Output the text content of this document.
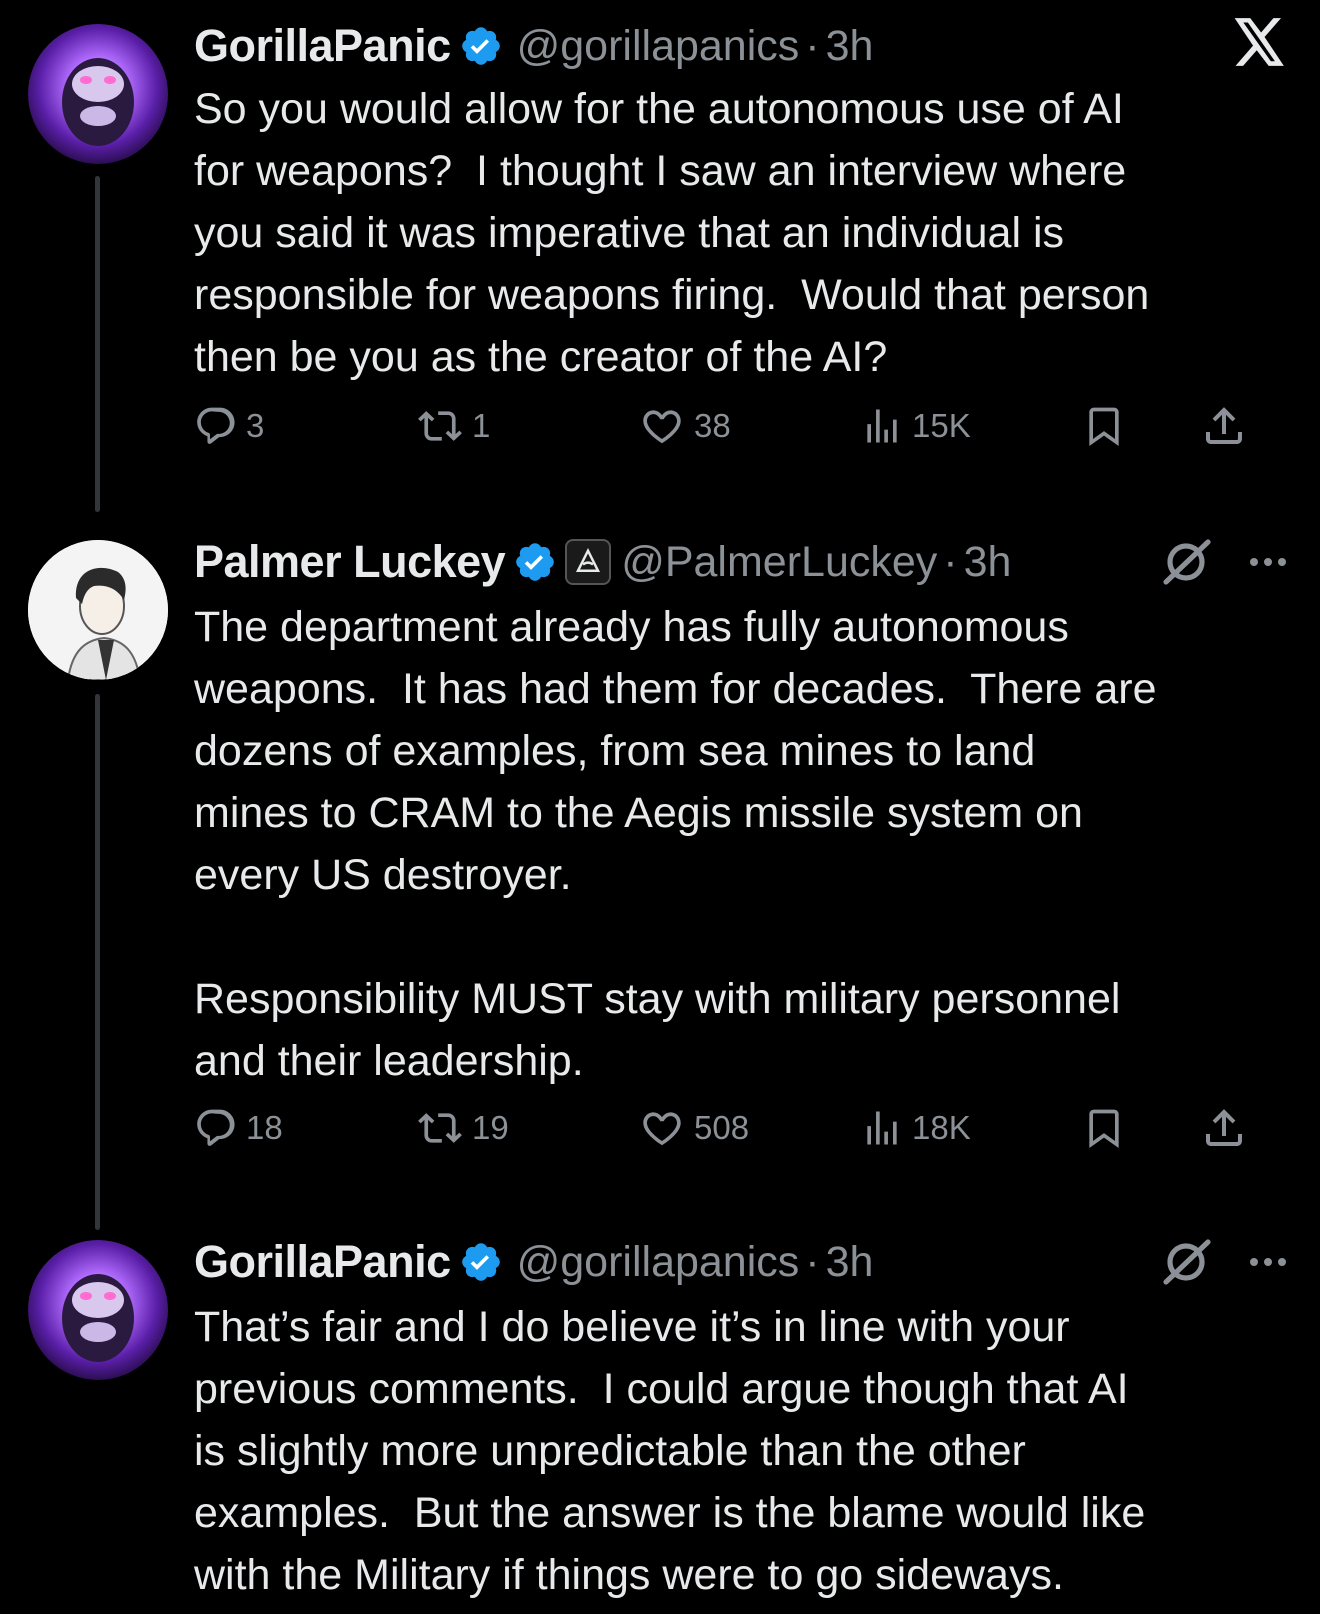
GorillaPanic @gorillapanics · 3h
So you would allow for the autonomous use of AI
for weapons?  I thought I saw an interview where
you said it was imperative that an individual is
responsible for weapons firing.  Would that person
then be you as the creator of the AI?
3	1	38	15K
Palmer Luckey	@PalmerLuckey · 3h
The department already has fully autonomous
weapons.  It has had them for decades.  There are
dozens of examples, from sea mines to land
mines to CRAM to the Aegis missile system on
every US destroyer.

Responsibility MUST stay with military personnel
and their leadership.
18	19	508	18K
GorillaPanic @gorillapanics · 3h
That’s fair and I do believe it’s in line with your
previous comments.  I could argue though that AI
is slightly more unpredictable than the other
examples.  But the answer is the blame would like
with the Military if things were to go sideways.
